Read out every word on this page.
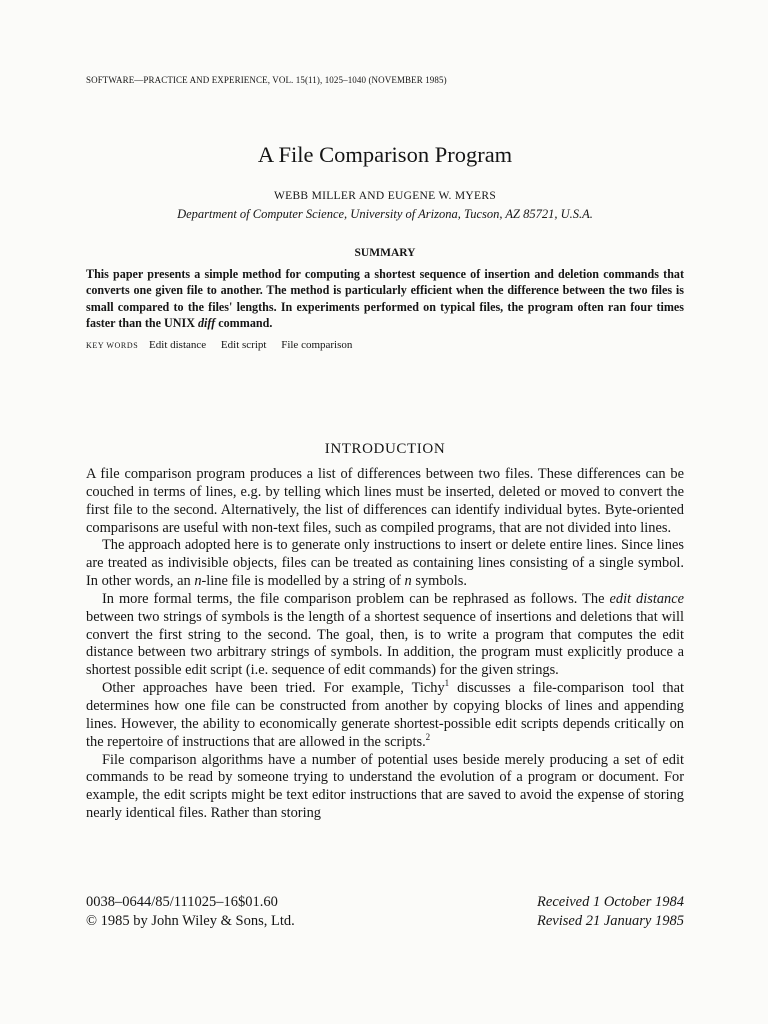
SOFTWARE—PRACTICE AND EXPERIENCE, VOL. 15(11), 1025–1040 (NOVEMBER 1985)
A File Comparison Program
WEBB MILLER AND EUGENE W. MYERS
Department of Computer Science, University of Arizona, Tucson, AZ 85721, U.S.A.
SUMMARY
This paper presents a simple method for computing a shortest sequence of insertion and deletion commands that converts one given file to another. The method is particularly efficient when the difference between the two files is small compared to the files' lengths. In experiments performed on typical files, the program often ran four times faster than the UNIX diff command.
KEY WORDS Edit distance Edit script File comparison
INTRODUCTION

A file comparison program produces a list of differences between two files. These differences can be couched in terms of lines, e.g. by telling which lines must be inserted, deleted or moved to convert the first file to the second. Alternatively, the list of differences can identify individual bytes. Byte-oriented comparisons are useful with non-text files, such as compiled programs, that are not divided into lines.

The approach adopted here is to generate only instructions to insert or delete entire lines. Since lines are treated as indivisible objects, files can be treated as containing lines consisting of a single symbol. In other words, an n-line file is modelled by a string of n symbols.

In more formal terms, the file comparison problem can be rephrased as follows. The edit distance between two strings of symbols is the length of a shortest sequence of insertions and deletions that will convert the first string to the second. The goal, then, is to write a program that computes the edit distance between two arbitrary strings of symbols. In addition, the program must explicitly produce a shortest possible edit script (i.e. sequence of edit commands) for the given strings.

Other approaches have been tried. For example, Tichy$^1$ discusses a file-comparison tool that determines how one file can be constructed from another by copying blocks of lines and appending lines. However, the ability to economically generate shortest-possible edit scripts depends critically on the repertoire of instructions that are allowed in the scripts.$^2$

File comparison algorithms have a number of potential uses beside merely producing a set of edit commands to be read by someone trying to understand the evolution of a program or document. For example, the edit scripts might be text editor instructions that are saved to avoid the expense of storing nearly identical files. Rather than storing

0038–0644/85/111025–16$01.60
© 1985 by John Wiley & Sons, Ltd.
Received 1 October 1984
Revised 21 January 1985
